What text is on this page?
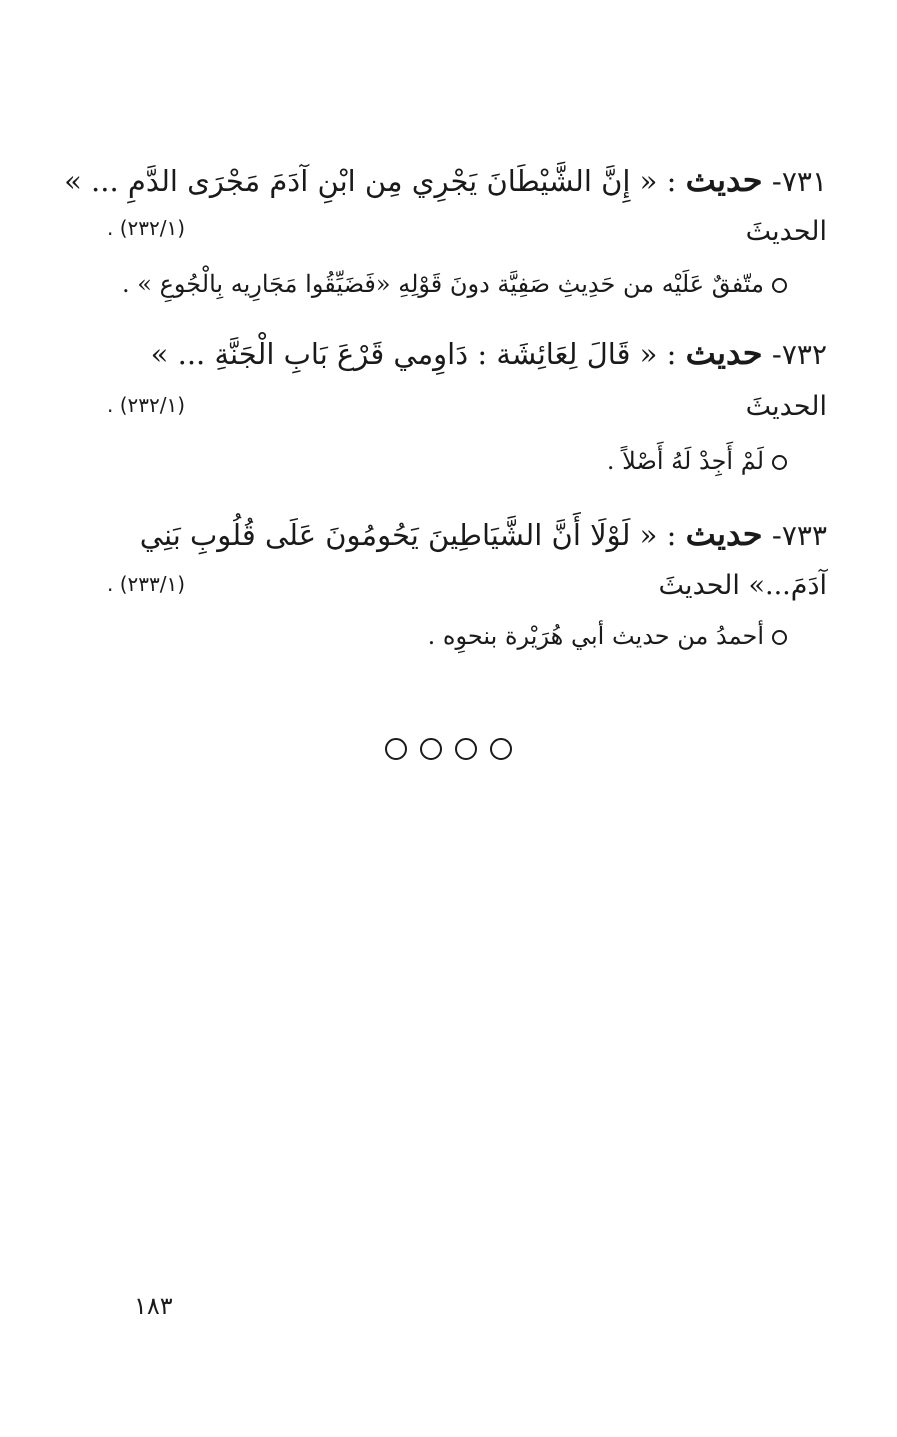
٧٣١- حديث : « إِنَّ الشَّيْطَانَ يَجْرِي مِن ابْنِ آدَمَ مَجْرَى الدَّمِ ... »
الحديثَ
(٢٣٢/١) .
متّفقٌ عَلَيْه من حَدِيثِ صَفِيَّة دونَ قَوْلِهِ «فَضَيِّقُوا مَجَارِيه بِالْجُوعِ » .
٧٣٢- حديث : « قَالَ لِعَائِشَة : دَاوِمي قَرْعَ بَابِ الْجَنَّةِ ... »
الحديثَ
(٢٣٢/١) .
لَمْ أَجِدْ لَهُ أَصْلاً .
٧٣٣- حديث : « لَوْلَا أَنَّ الشَّيَاطِينَ يَحُومُونَ عَلَى قُلُوبِ بَنِي
آدَمَ...» الحديثَ
(٢٣٣/١) .
أحمدُ من حديث أبي هُرَيْرة بنحوِه .

١٨٣
